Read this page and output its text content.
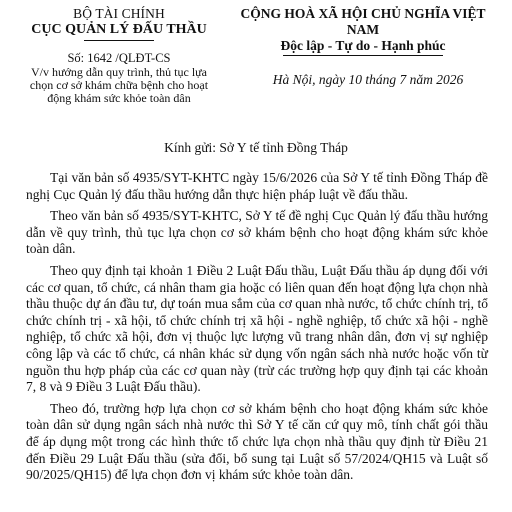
BỘ TÀI CHÍNH
CỤC QUẢN LÝ ĐẤU THẦU
Số: 1642 /QLĐT-CS
V/v hướng dẫn quy trình, thủ tục lựa
chọn cơ sở khám chữa bệnh cho hoạt
động khám sức khỏe toàn dân
CỘNG HOÀ XÃ HỘI CHỦ NGHĨA VIỆT NAM
Độc lập - Tự do - Hạnh phúc
Hà Nội, ngày 10 tháng 7 năm 2026
Kính gửi: Sở Y tế tỉnh Đồng Tháp

Tại văn bản số 4935/SYT-KHTC ngày 15/6/2026 của Sở Y tế tỉnh Đồng Tháp đề nghị Cục Quản lý đấu thầu hướng dẫn thực hiện pháp luật về đấu thầu.

Theo văn bản số 4935/SYT-KHTC, Sở Y tế đề nghị Cục Quản lý đấu thầu hướng dẫn về quy trình, thủ tục lựa chọn cơ sở khám bệnh cho hoạt động khám sức khỏe toàn dân.

Theo quy định tại khoản 1 Điều 2 Luật Đấu thầu, Luật Đấu thầu áp dụng đối với các cơ quan, tổ chức, cá nhân tham gia hoặc có liên quan đến hoạt động lựa chọn nhà thầu thuộc dự án đầu tư, dự toán mua sắm của cơ quan nhà nước, tổ chức chính trị, tổ chức chính trị - xã hội, tổ chức chính trị xã hội - nghề nghiệp, tổ chức xã hội - nghề nghiệp, tổ chức xã hội, đơn vị thuộc lực lượng vũ trang nhân dân, đơn vị sự nghiệp công lập và các tổ chức, cá nhân khác sử dụng vốn ngân sách nhà nước hoặc vốn từ nguồn thu hợp pháp của các cơ quan này (trừ các trường hợp quy định tại các khoản 7, 8 và 9 Điều 3 Luật Đấu thầu).

Theo đó, trường hợp lựa chọn cơ sở khám bệnh cho hoạt động khám sức khỏe toàn dân sử dụng ngân sách nhà nước thì Sở Y tế căn cứ quy mô, tính chất gói thầu để áp dụng một trong các hình thức tổ chức lựa chọn nhà thầu quy định từ Điều 21 đến Điều 29 Luật Đấu thầu (sửa đổi, bổ sung tại Luật số 57/2024/QH15 và Luật số 90/2025/QH15) để lựa chọn đơn vị khám sức khỏe toàn dân.
